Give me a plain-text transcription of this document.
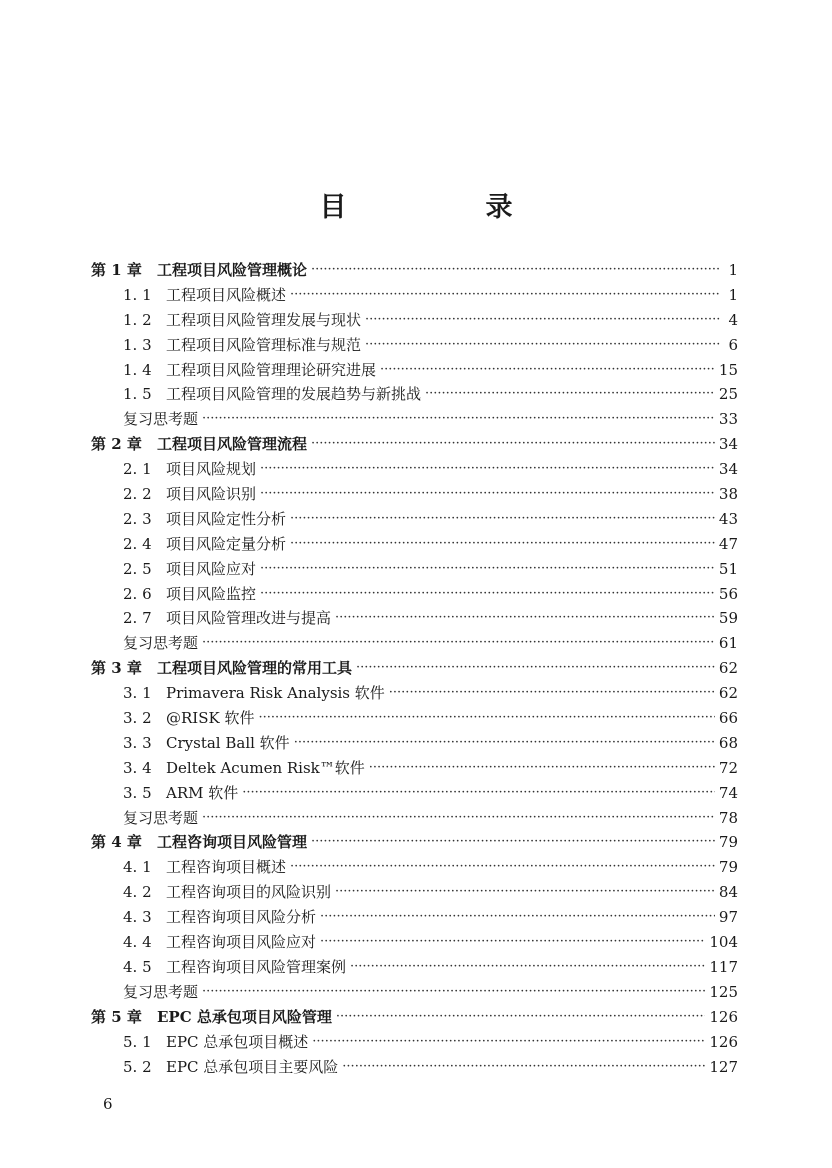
目　录
第 1 章	工程项目风险管理概论 ·····	1
1. 1 工程项目风险概述 ·····	1
1. 2 工程项目风险管理发展与现状 ·····	4
1. 3 工程项目风险管理标准与规范 ·····	6
1. 4 工程项目风险管理理论研究进展 ·····	15
1. 5 工程项目风险管理的发展趋势与新挑战 ·····	25
复习思考题 ·····	33
第 2 章	工程项目风险管理流程 ·····	34
2. 1 项目风险规划 ·····	34
2. 2 项目风险识别 ·····	38
2. 3 项目风险定性分析 ·····	43
2. 4 项目风险定量分析 ·····	47
2. 5 项目风险应对 ·····	51
2. 6 项目风险监控 ·····	56
2. 7 项目风险管理改进与提高 ·····	59
复习思考题 ·····	61
第 3 章	工程项目风险管理的常用工具 ·····	62
3. 1 Primavera Risk Analysis 软件 ·····	62
3. 2 @RISK 软件 ·····	66
3. 3 Crystal Ball 软件 ·····	68
3. 4 Deltek Acumen Risk™软件 ·····	72
3. 5 ARM 软件 ·····	74
复习思考题 ·····	78
第 4 章	工程咨询项目风险管理 ·····	79
4. 1 工程咨询项目概述 ·····	79
4. 2 工程咨询项目的风险识别 ·····	84
4. 3 工程咨询项目风险分析 ·····	97
4. 4 工程咨询项目风险应对 ·····	104
4. 5 工程咨询项目风险管理案例 ·····	117
复习思考题 ·····	125
第 5 章	EPC 总承包项目风险管理 ·····	126
5. 1 EPC 总承包项目概述 ·····	126
5. 2 EPC 总承包项目主要风险 ·····	127
6
